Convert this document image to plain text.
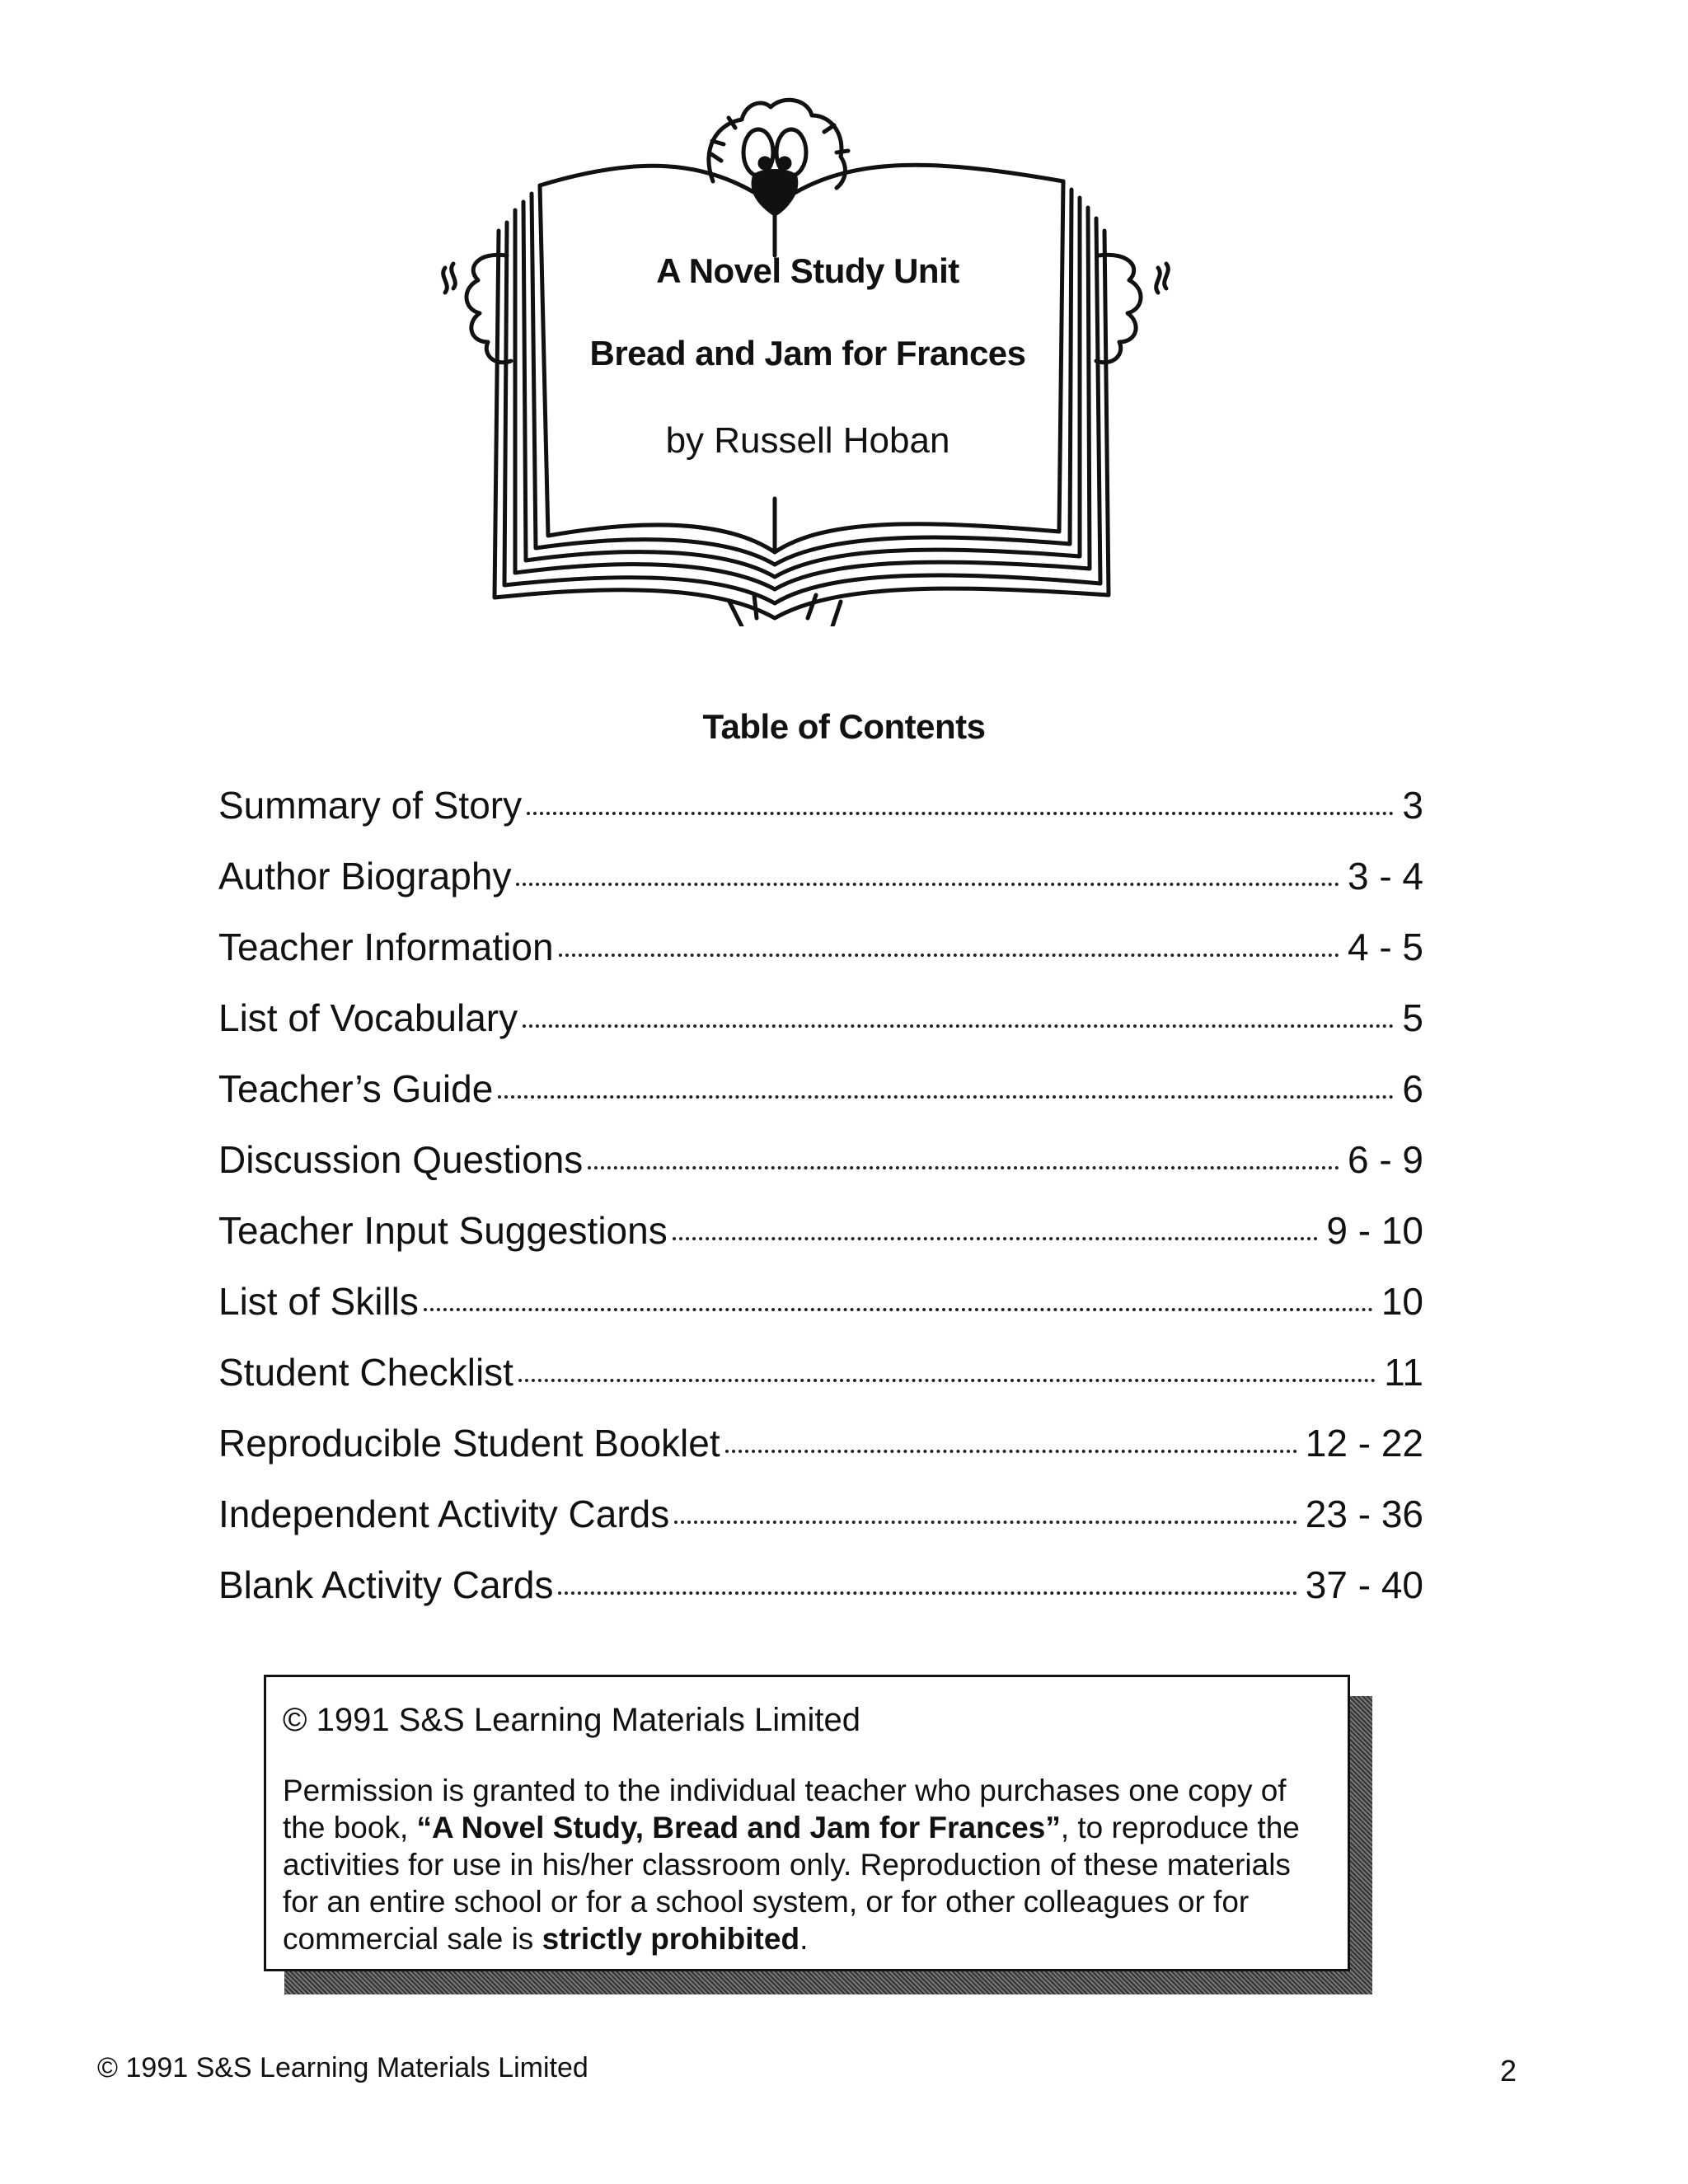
A Novel Study Unit
Bread and Jam for Frances
by Russell Hoban
Table of Contents
Summary of Story	3
Author Biography	3 - 4
Teacher Information	4 - 5
List of Vocabulary	5
Teacher’s Guide	6
Discussion Questions	6 - 9
Teacher Input Suggestions	9 - 10
List of Skills	10
Student Checklist	11
Reproducible Student Booklet	12 - 22
Independent Activity Cards	23 - 36
Blank Activity Cards	37 - 40
© 1991 S&S Learning Materials Limited
Permission is granted to the individual teacher who purchases one copy of the book, “A Novel Study, Bread and Jam for Frances”, to reproduce the activities for use in his/her classroom only. Reproduction of these materials for an entire school or for a school system, or for other colleagues or for commercial sale is strictly prohibited.
© 1991 S&S Learning Materials Limited	2
